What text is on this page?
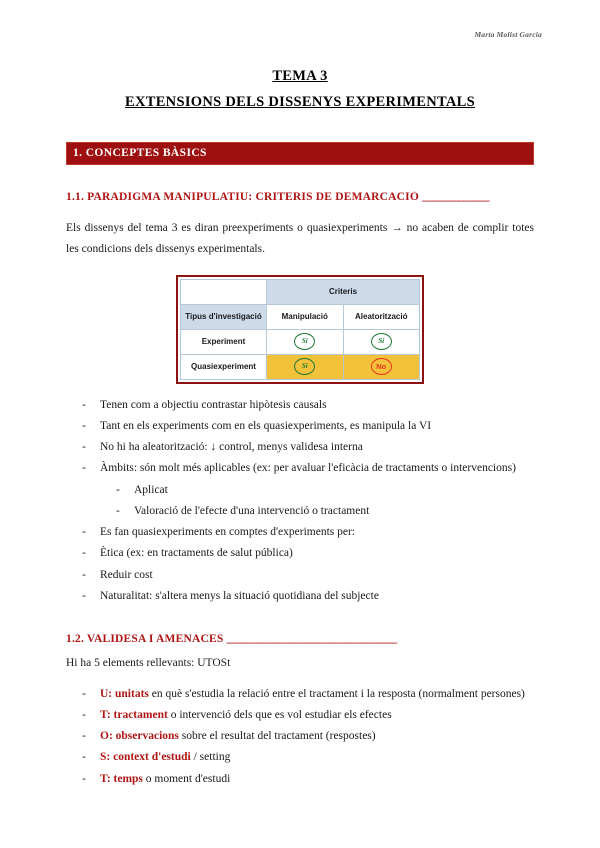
Marta Molist Garcia
TEMA 3
EXTENSIONS DELS DISSENYS EXPERIMENTALS
1. CONCEPTES BÀSICS
1.1. PARADIGMA MANIPULATIU: CRITERIS DE DEMARCACIÓ _____________

Els dissenys del tema 3 es diran preexperiments o quasiexperiments → no acaben de complir totes les condicions dels dissenys experimentals.

	Criteris	
Tipus d'investigació	Manipulació	Aleatorització
Experiment	Sí	Sí
Quasiexperiment	Sí	No
- Tenen com a objectiu contrastar hipòtesis causals
- Tant en els experiments com en els quasiexperiments, es manipula la VI
- No hi ha aleatorització: ↓ control, menys validesa interna
- Àmbits: són molt més aplicables (ex: per avaluar l'eficàcia de tractaments o intervencions)
- Aplicat
- Valoració de l'efecte d'una intervenció o tractament
- Es fan quasiexperiments en comptes d'experiments per:
- Ètica (ex: en tractaments de salut pública)
- Reduir cost
- Naturalitat: s'altera menys la situació quotidiana del subjecte
1.2. VALIDESA I AMENACES _________________________________

Hi ha 5 elements rellevants: UTOSt

- U: unitats en què s'estudia la relació entre el tractament i la resposta (normalment persones)
- T: tractament o intervenció dels que es vol estudiar els efectes
- O: observacions sobre el resultat del tractament (respostes)
- S: context d'estudi / setting
- T: temps o moment d'estudi
